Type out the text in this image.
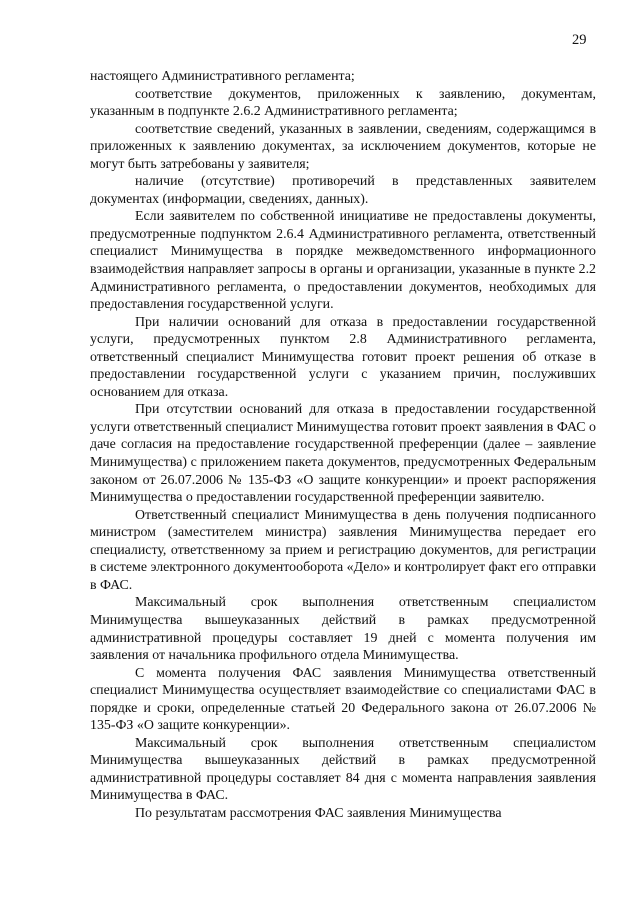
29

настоящего Административного регламента;

соответствие документов, приложенных к заявлению, документам, указанным в подпункте 2.6.2 Административного регламента;

соответствие сведений, указанных в заявлении, сведениям, содержащимся в приложенных к заявлению документах, за исключением документов, которые не могут быть затребованы у заявителя;

наличие (отсутствие) противоречий в представленных заявителем документах (информации, сведениях, данных).

Если заявителем по собственной инициативе не предоставлены документы, предусмотренные подпунктом 2.6.4 Административного регламента, ответственный специалист Минимущества в порядке межведомственного информационного взаимодействия направляет запросы в органы и организации, указанные в пункте 2.2 Административного регламента, о предоставлении документов, необходимых для предоставления государственной услуги.

При наличии оснований для отказа в предоставлении государственной услуги, предусмотренных пунктом 2.8 Административного регламента, ответственный специалист Минимущества готовит проект решения об отказе в предоставлении государственной услуги с указанием причин, послуживших основанием для отказа.

При отсутствии оснований для отказа в предоставлении государственной услуги ответственный специалист Минимущества готовит проект заявления в ФАС о даче согласия на предоставление государственной преференции (далее – заявление Минимущества) с приложением пакета документов, предусмотренных Федеральным законом от 26.07.2006 № 135-ФЗ «О защите конкуренции» и проект распоряжения Минимущества о предоставлении государственной преференции заявителю.

Ответственный специалист Минимущества в день получения подписанного министром (заместителем министра) заявления Минимущества передает его специалисту, ответственному за прием и регистрацию документов, для регистрации в системе электронного документооборота «Дело» и контролирует факт его отправки в ФАС.

Максимальный срок выполнения ответственным специалистом Минимущества вышеуказанных действий в рамках предусмотренной административной процедуры составляет 19 дней с момента получения им заявления от начальника профильного отдела Минимущества.

С момента получения ФАС заявления Минимущества ответственный специалист Минимущества осуществляет взаимодействие со специалистами ФАС в порядке и сроки, определенные статьей 20 Федерального закона от 26.07.2006 № 135-ФЗ «О защите конкуренции».

Максимальный срок выполнения ответственным специалистом Минимущества вышеуказанных действий в рамках предусмотренной административной процедуры составляет 84 дня с момента направления заявления Минимущества в ФАС.

По результатам рассмотрения ФАС заявления Минимущества
